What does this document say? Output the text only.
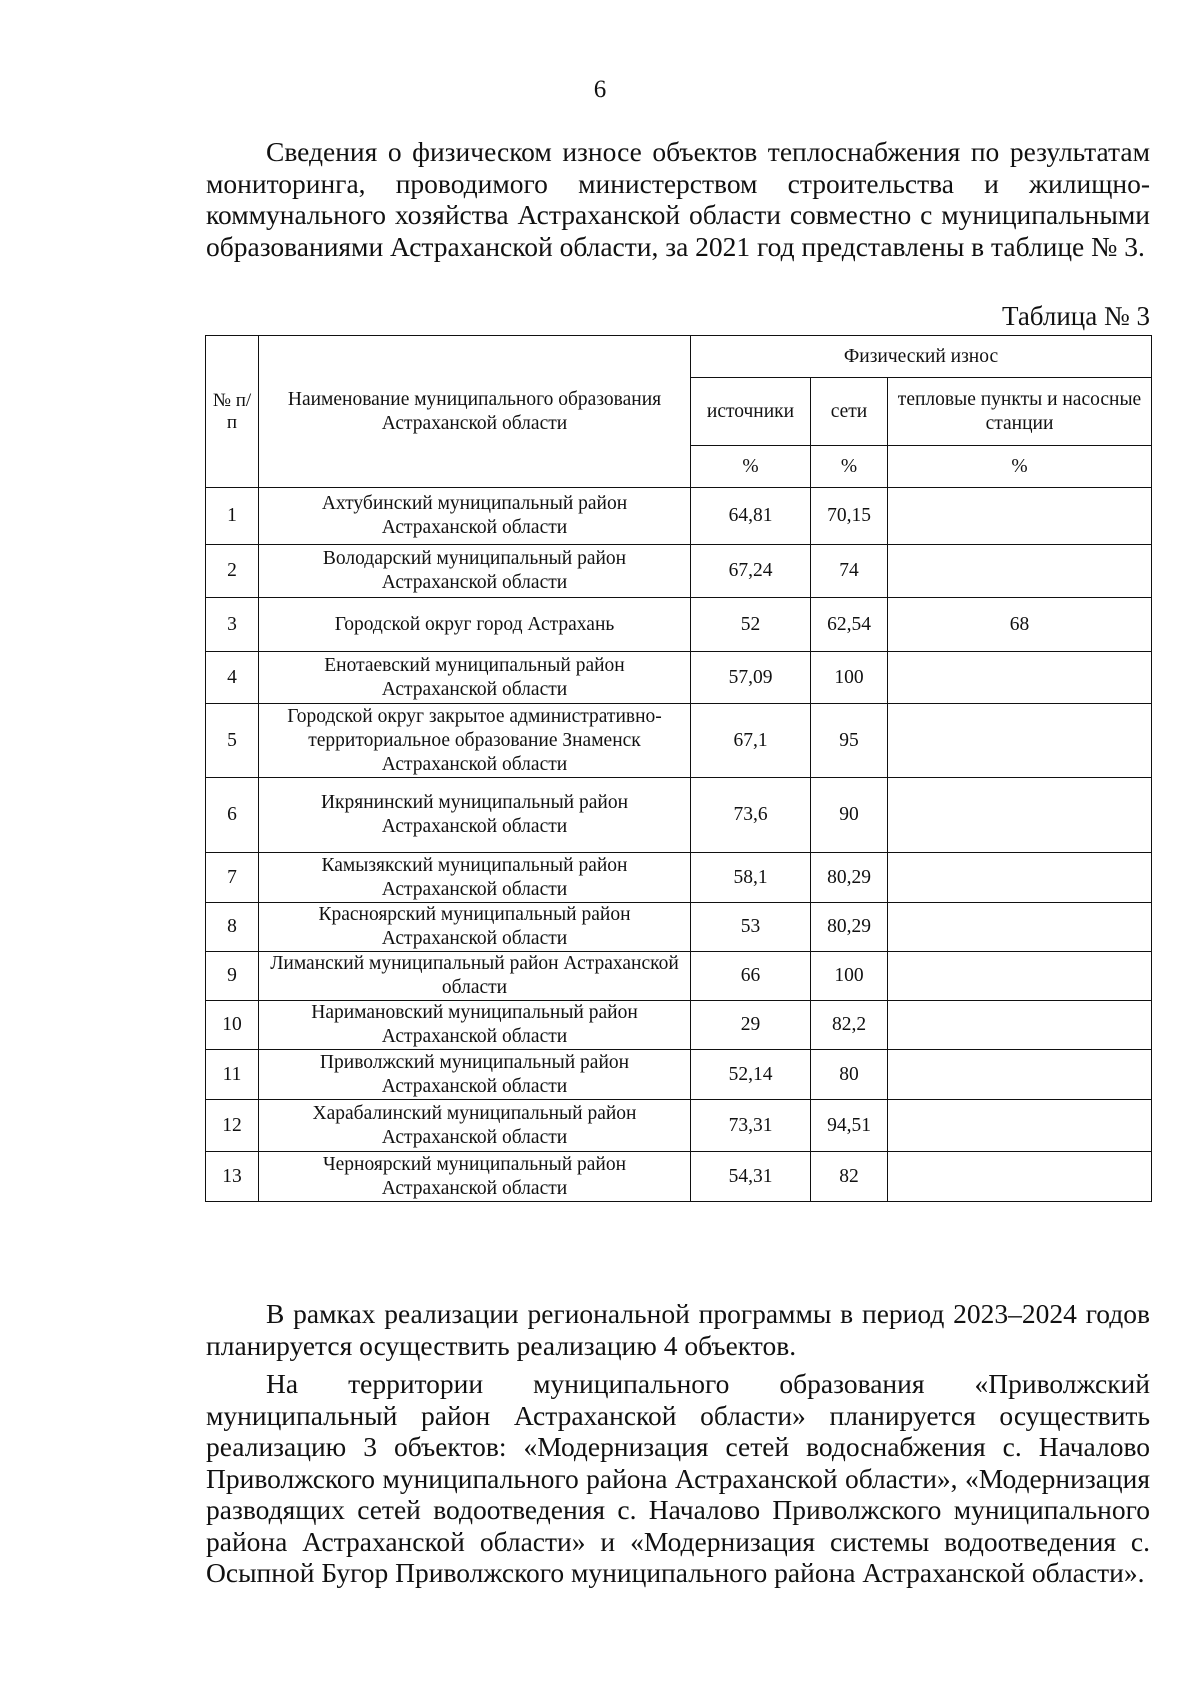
6

Сведения о физическом износе объектов теплоснабжения по результатам мониторинга, проводимого министерством строительства и жилищно-коммунального хозяйства Астраханской области совместно с муниципальными образованиями Астраханской области, за 2021 год представлены в таблице № 3.

Таблица № 3
№ п/п	Наименование муниципального образования Астраханской области	Физический износ		
		источники	сети	тепловые пункты и насосные станции
		%	%	%
1	Ахтубинский муниципальный район Астраханской области	64,81	70,15	
2	Володарский муниципальный район Астраханской области	67,24	74	
3	Городской округ город Астрахань	52	62,54	68
4	Енотаевский муниципальный район Астраханской области	57,09	100	
5	Городской округ закрытое административно-территориальное образование Знаменск Астраханской области	67,1	95	
6	Икрянинский муниципальный район Астраханской области	73,6	90	
7	Камызякский муниципальный район Астраханской области	58,1	80,29	
8	Красноярский муниципальный район Астраханской области	53	80,29	
9	Лиманский муниципальный район Астраханской области	66	100	
10	Наримановский муниципальный район Астраханской области	29	82,2	
11	Приволжский муниципальный район Астраханской области	52,14	80	
12	Харабалинский муниципальный район Астраханской области	73,31	94,51	
13	Черноярский муниципальный район Астраханской области	54,31	82	

В рамках реализации региональной программы в период 2023–2024 годов планируется осуществить реализацию 4 объектов.

На территории муниципального образования «Приволжский муниципальный район Астраханской области» планируется осуществить реализацию 3 объектов: «Модернизация сетей водоснабжения с. Началово Приволжского муниципального района Астраханской области», «Модернизация разводящих сетей водоотведения с. Началово Приволжского муниципального района Астраханской области» и «Модернизация системы водоотведения с. Осыпной Бугор Приволжского муниципального района Астраханской области».
